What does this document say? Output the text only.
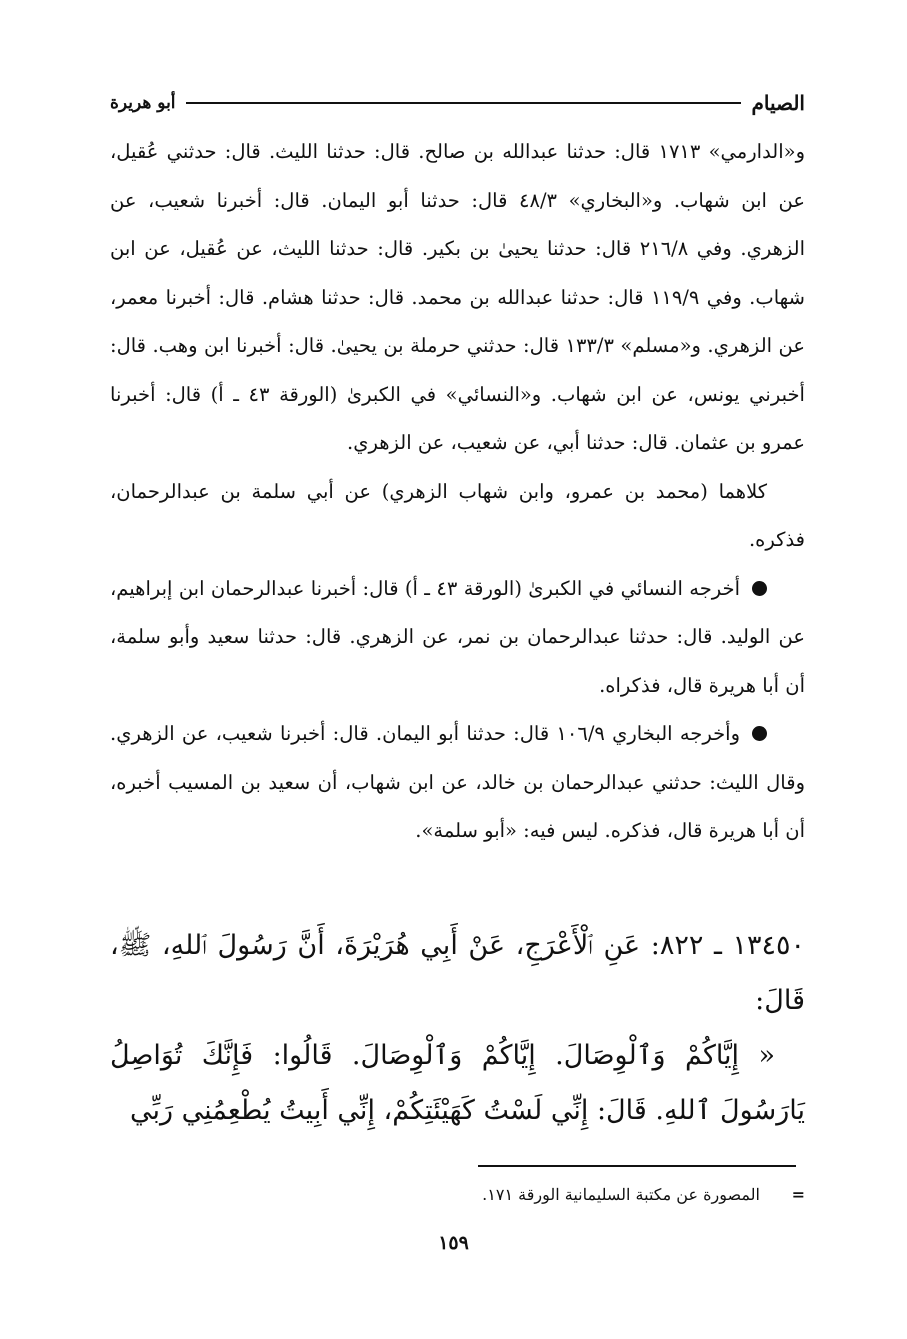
أبو هريرة	الصيام

و«الدارمي» ١٧١٣ قال: حدثنا عبدالله بن صالح. قال: حدثنا الليث. قال: حدثني عُقيل، عن ابن شهاب. و«البخاري» ٤٨/٣ قال: حدثنا أبو اليمان. قال: أخبرنا شعيب، عن الزهري. وفي ٢١٦/٨ قال: حدثنا يحيىٰ بن بكير. قال: حدثنا الليث، عن عُقيل، عن ابن شهاب. وفي ١١٩/٩ قال: حدثنا عبدالله بن محمد. قال: حدثنا هشام. قال: أخبرنا معمر، عن الزهري. و«مسلم» ١٣٣/٣ قال: حدثني حرملة بن يحيىٰ. قال: أخبرنا ابن وهب. قال: أخبرني يونس، عن ابن شهاب. و«النسائي» في الكبرىٰ (الورقة ٤٣ ـ أ) قال: أخبرنا عمرو بن عثمان. قال: حدثنا أبي، عن شعيب، عن الزهري.

كلاهما (محمد بن عمرو، وابن شهاب الزهري) عن أبي سلمة بن عبدالرحمان، فذكره.

أخرجه النسائي في الكبرىٰ (الورقة ٤٣ ـ أ) قال: أخبرنا عبدالرحمان ابن إبراهيم، عن الوليد. قال: حدثنا عبدالرحمان بن نمر، عن الزهري. قال: حدثنا سعيد وأبو سلمة، أن أبا هريرة قال، فذكراه.

وأخرجه البخاري ١٠٦/٩ قال: حدثنا أبو اليمان. قال: أخبرنا شعيب، عن الزهري. وقال الليث: حدثني عبدالرحمان بن خالد، عن ابن شهاب، أن سعيد بن المسيب أخبره، أن أبا هريرة قال، فذكره. ليس فيه: «أبو سلمة».

١٣٤٥٠ ـ ٨٢٢: عَنِ ٱلْأَعْرَجِ، عَنْ أَبِي هُرَيْرَةَ، أَنَّ رَسُولَ ٱللهِ، ﷺ، قَالَ:

« إِيَّاكُمْ وَٱلْوِصَالَ. إِيَّاكُمْ وَٱلْوِصَالَ. قَالُوا: فَإِنَّكَ تُوَاصِلُ يَارَسُولَ ٱللهِ. قَالَ: إِنِّي لَسْتُ كَهَيْئَتِكُمْ، إِنِّي أَبِيتُ يُطْعِمُنِي رَبِّي

= المصورة عن مكتبة السليمانية الورقة ١٧١.
١٥٩
